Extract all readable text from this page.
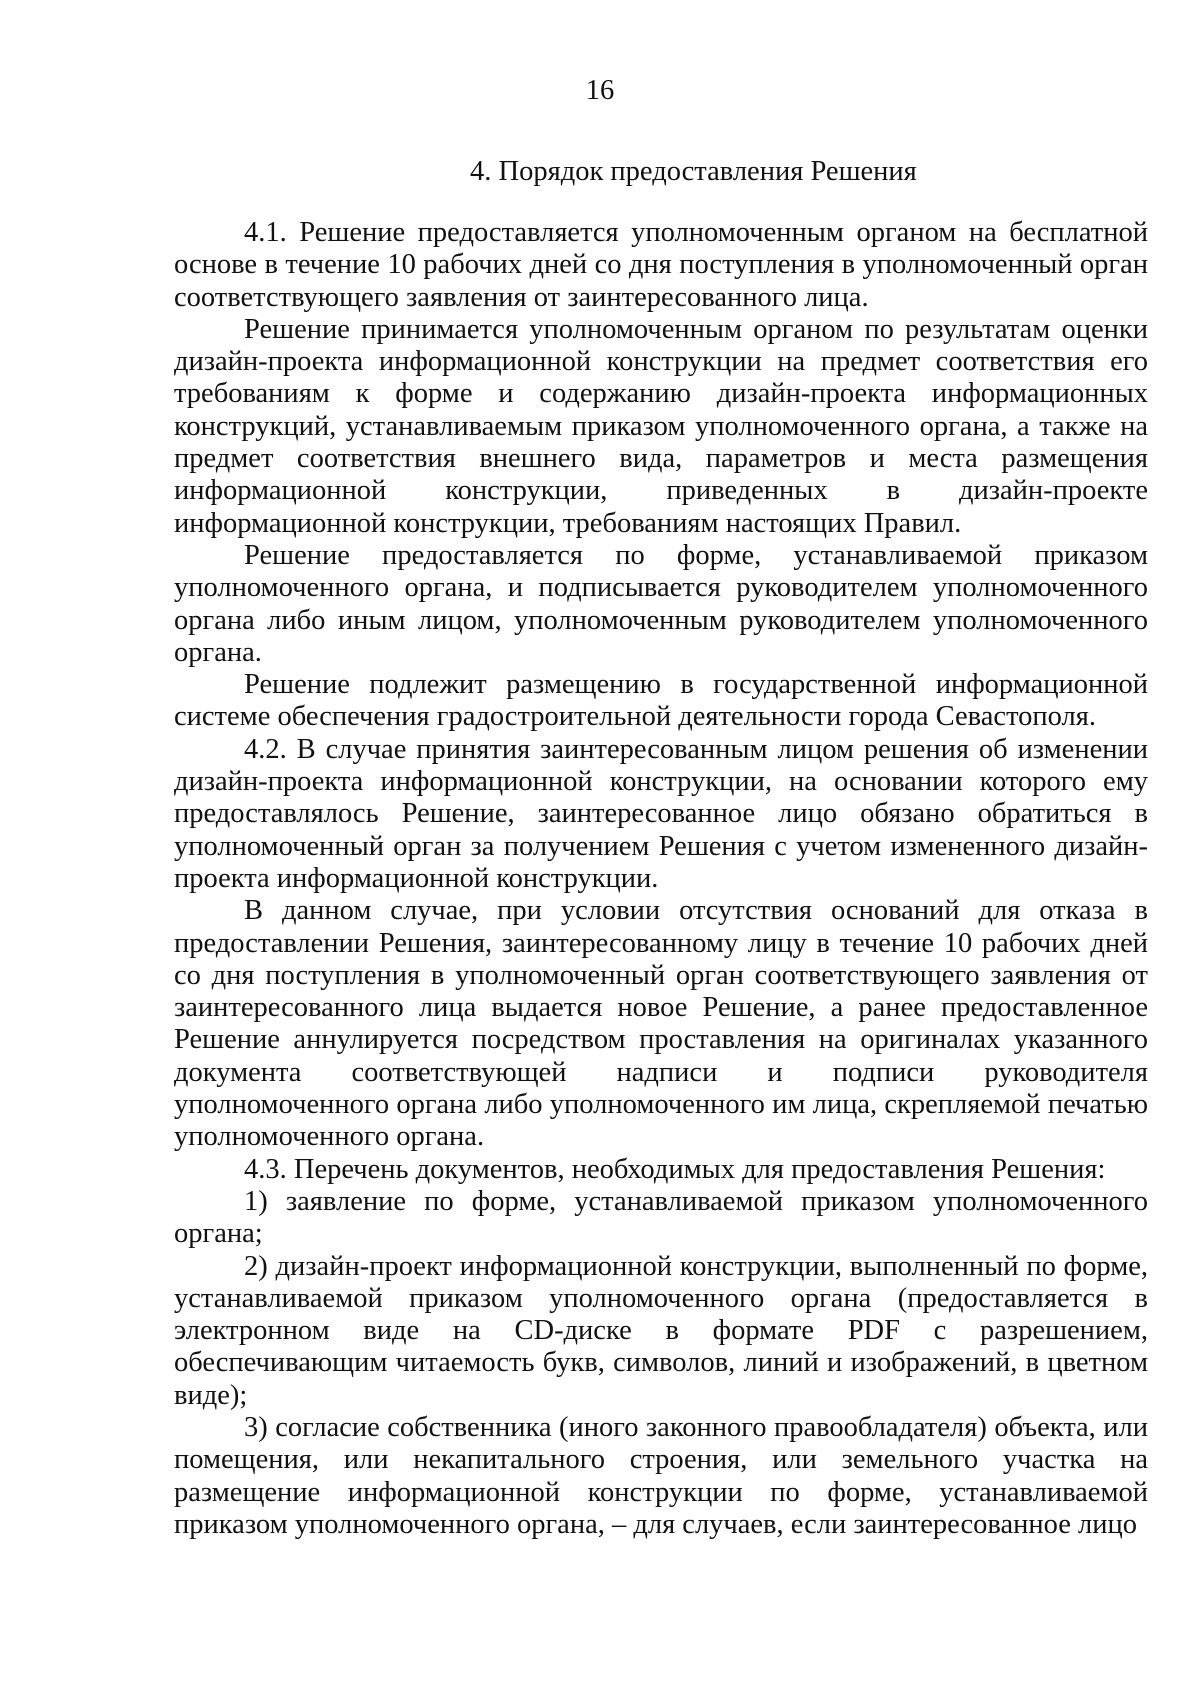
16
4. Порядок предоставления Решения

4.1. Решение предоставляется уполномоченным органом на бесплатной основе в течение 10 рабочих дней со дня поступления в уполномоченный орган соответствующего заявления от заинтересованного лица.

Решение принимается уполномоченным органом по результатам оценки дизайн-проекта информационной конструкции на предмет соответствия его требованиям к форме и содержанию дизайн-проекта информационных конструкций, устанавливаемым приказом уполномоченного органа, а также на предмет соответствия внешнего вида, параметров и места размещения информационной конструкции, приведенных в дизайн-проекте информационной конструкции, требованиям настоящих Правил.

Решение предоставляется по форме, устанавливаемой приказом уполномоченного органа, и подписывается руководителем уполномоченного органа либо иным лицом, уполномоченным руководителем уполномоченного органа.

Решение подлежит размещению в государственной информационной системе обеспечения градостроительной деятельности города Севастополя.

4.2. В случае принятия заинтересованным лицом решения об изменении дизайн-проекта информационной конструкции, на основании которого ему предоставлялось Решение, заинтересованное лицо обязано обратиться в уполномоченный орган за получением Решения с учетом измененного дизайн-проекта информационной конструкции.

В данном случае, при условии отсутствия оснований для отказа в предоставлении Решения, заинтересованному лицу в течение 10 рабочих дней со дня поступления в уполномоченный орган соответствующего заявления от заинтересованного лица выдается новое Решение, а ранее предоставленное Решение аннулируется посредством проставления на оригиналах указанного документа соответствующей надписи и подписи руководителя уполномоченного органа либо уполномоченного им лица, скрепляемой печатью уполномоченного органа.

4.3. Перечень документов, необходимых для предоставления Решения:

1) заявление по форме, устанавливаемой приказом уполномоченного органа;

2) дизайн-проект информационной конструкции, выполненный по форме, устанавливаемой приказом уполномоченного органа (предоставляется в электронном виде на CD-диске в формате PDF с разрешением, обеспечивающим читаемость букв, символов, линий и изображений, в цветном виде);

3) согласие собственника (иного законного правообладателя) объекта, или помещения, или некапитального строения, или земельного участка на размещение информационной конструкции по форме, устанавливаемой приказом уполномоченного органа, – для случаев, если заинтересованное лицо
